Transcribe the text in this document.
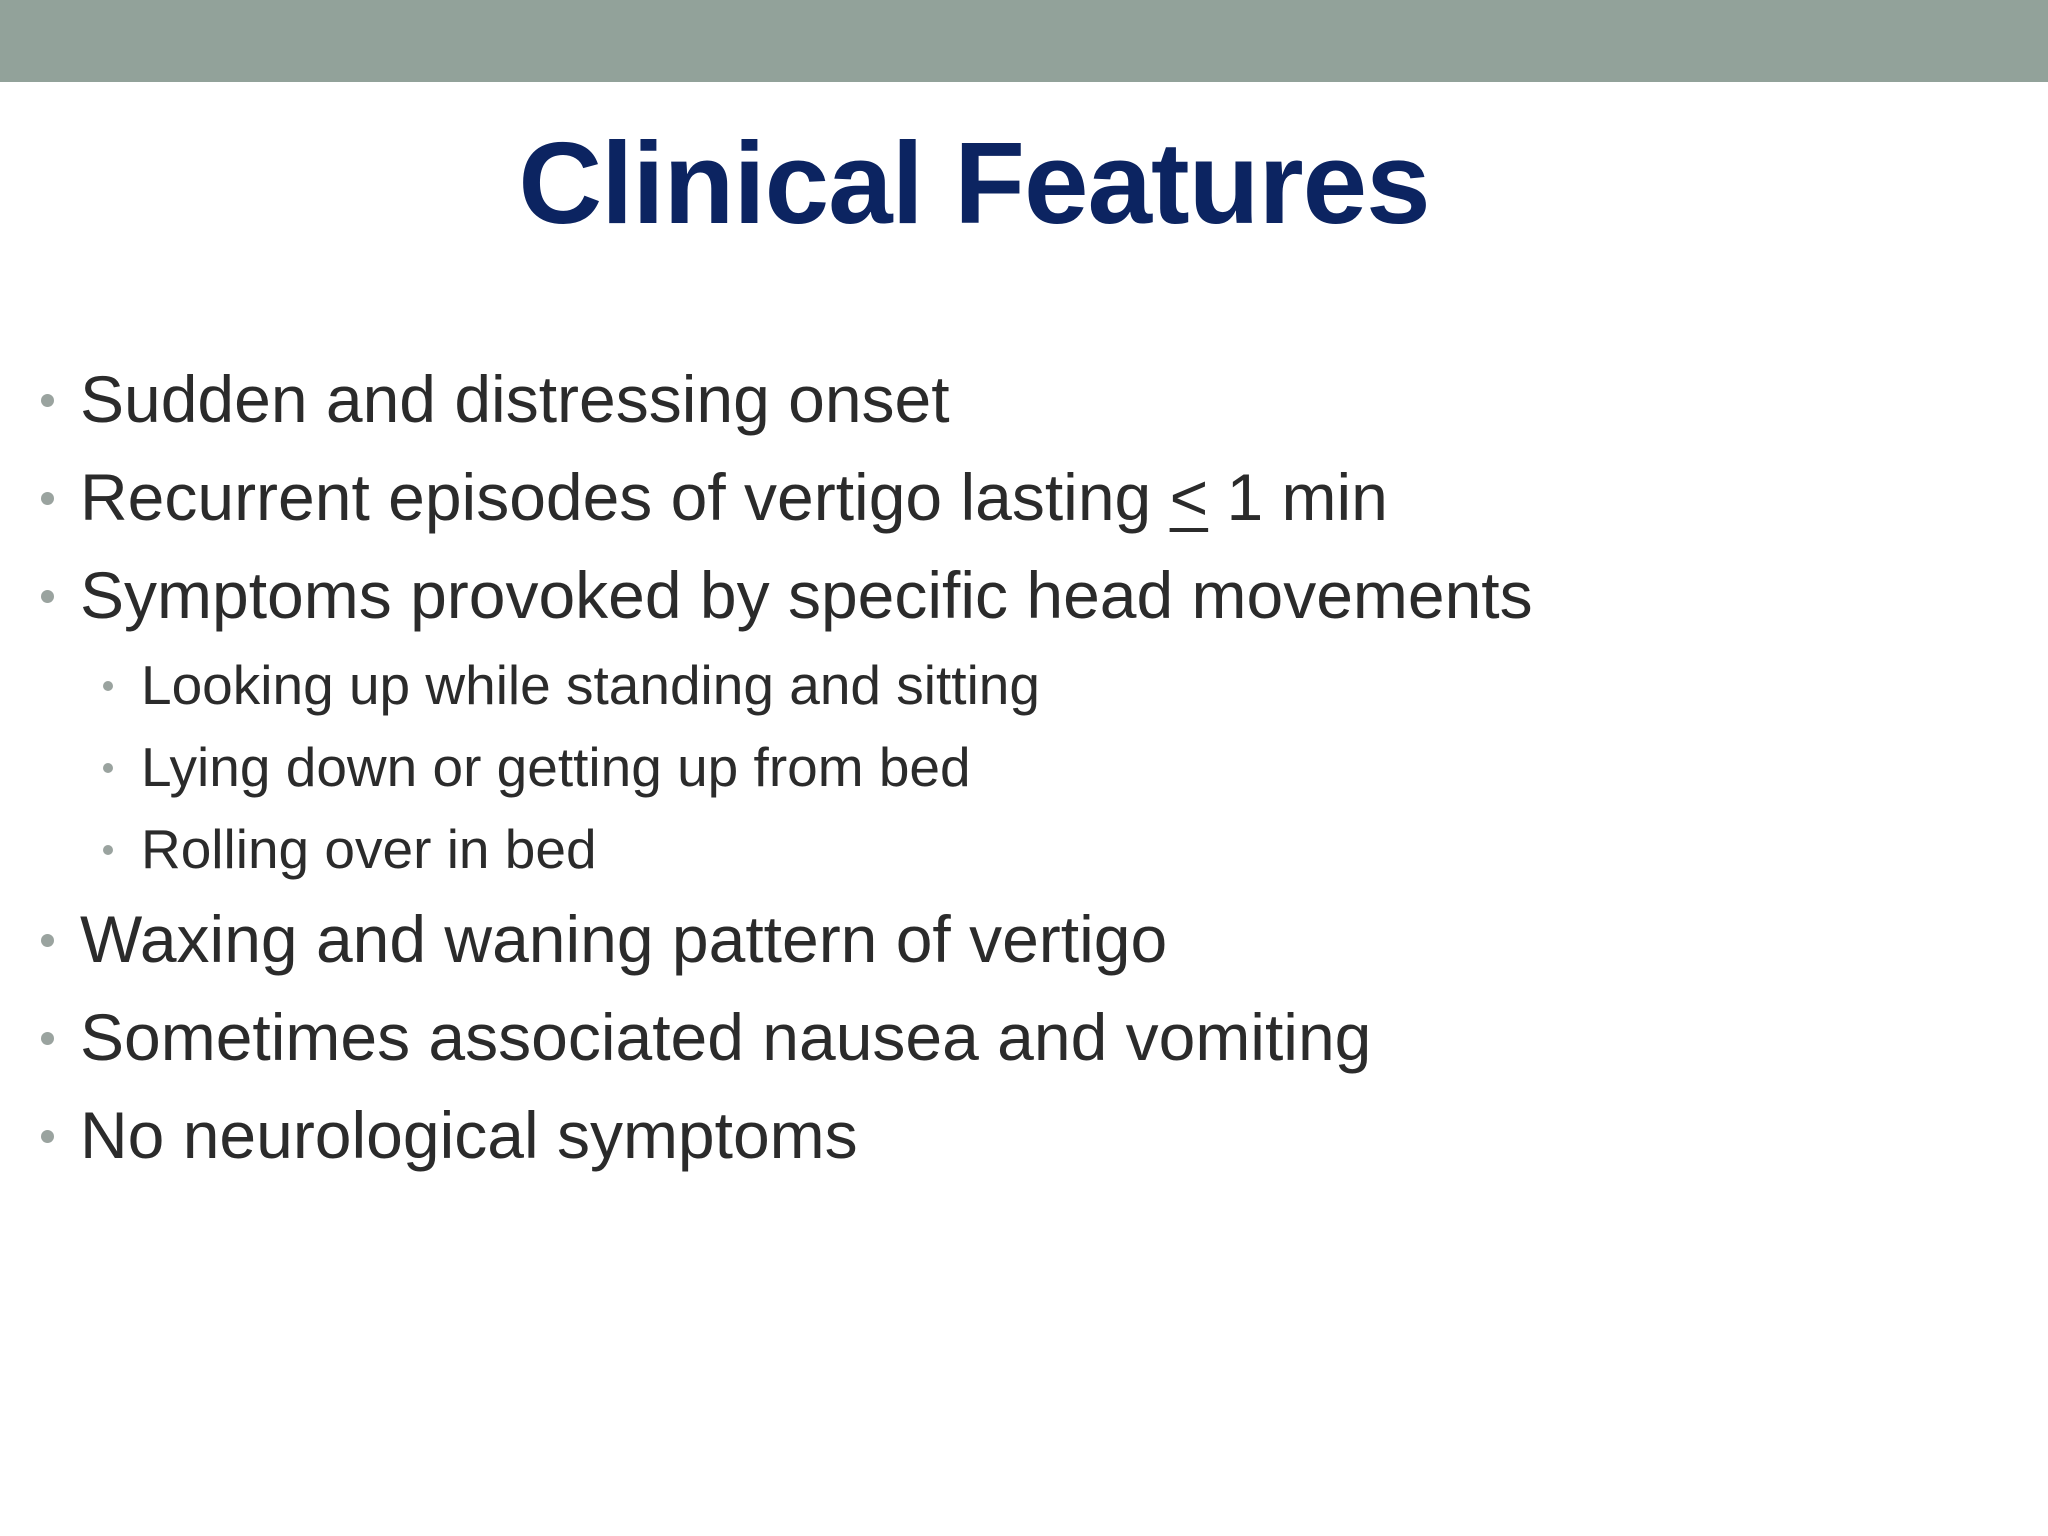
Clinical Features
Sudden and distressing onset
Recurrent episodes of vertigo lasting ≤ 1 min
Symptoms provoked by specific head movements
Looking up while standing and sitting
Lying down or getting up from bed
Rolling over in bed
Waxing and waning pattern of vertigo
Sometimes associated nausea and vomiting
No neurological symptoms
